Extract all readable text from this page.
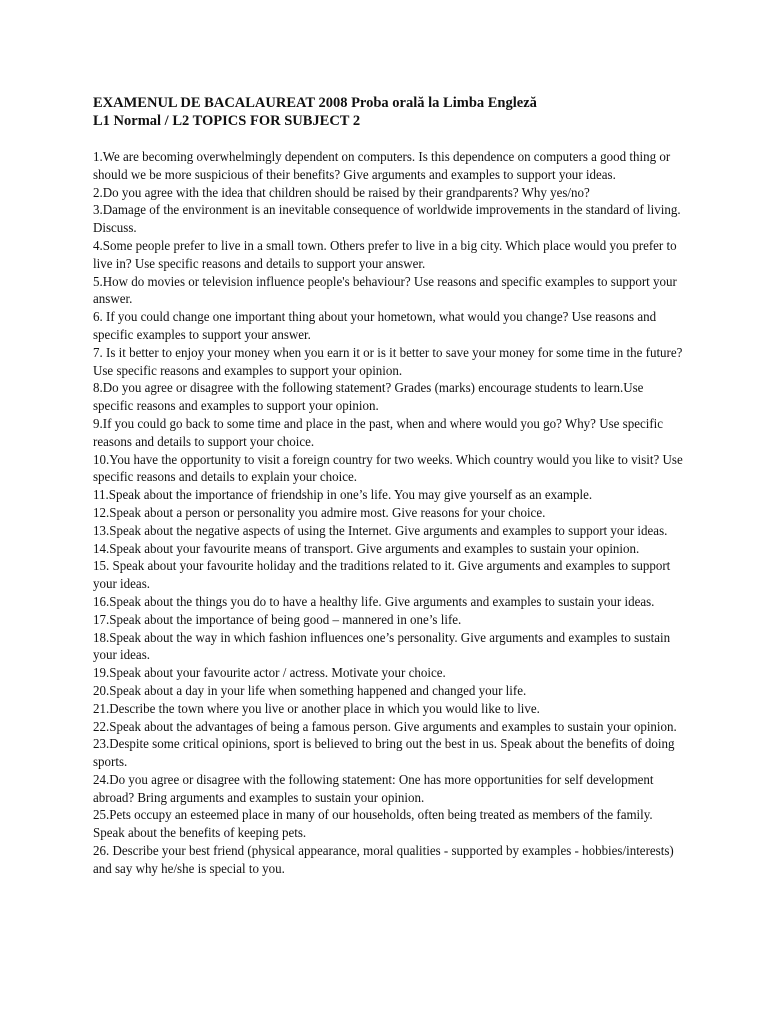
EXAMENUL DE BACALAUREAT 2008 Proba orală la Limba Engleză

L1 Normal / L2 TOPICS FOR SUBJECT 2

1.We are becoming overwhelmingly dependent on computers. Is this dependence on computers a good thing or should we be more suspicious of their benefits? Give arguments and examples to support your ideas.

2.Do you agree with the idea that children should be raised by their grandparents? Why yes/no?

3.Damage of the environment is an inevitable consequence of worldwide improvements in the standard of living. Discuss.

4.Some people prefer to live in a small town. Others prefer to live in a big city. Which place would you prefer to live in? Use specific reasons and details to support your answer.

5.How do movies or television influence people's behaviour? Use reasons and specific examples to support your answer.

6. If you could change one important thing about your hometown, what would you change? Use reasons and specific examples to support your answer.

7. Is it better to enjoy your money when you earn it or is it better to save your money for some time in the future? Use specific reasons and examples to support your opinion.

8.Do you agree or disagree with the following statement? Grades (marks) encourage students to learn.Use specific reasons and examples to support your opinion.

9.If you could go back to some time and place in the past, when and where would you go? Why? Use specific reasons and details to support your choice.

10.You have the opportunity to visit a foreign country for two weeks. Which country would you like to visit? Use specific reasons and details to explain your choice.

11.Speak about the importance of friendship in one’s life. You may give yourself as an example.

12.Speak about a person or personality you admire most. Give reasons for your choice.

13.Speak about the negative aspects of using the Internet. Give arguments and examples to support your ideas.

14.Speak about your favourite means of transport. Give arguments and examples to sustain your opinion.

15. Speak about your favourite holiday and the traditions related to it. Give arguments and examples to support your ideas.

16.Speak about the things you do to have a healthy life. Give arguments and examples to sustain your ideas.

17.Speak about the importance of being good – mannered in one’s life.

18.Speak about the way in which fashion influences one’s personality. Give arguments and examples to sustain your ideas.

19.Speak about your favourite actor / actress. Motivate your choice.

20.Speak about a day in your life when something happened and changed your life.

21.Describe the town where you live or another place in which you would like to live.

22.Speak about the advantages of being a famous person. Give arguments and examples to sustain your opinion.

23.Despite some critical opinions, sport is believed to bring out the best in us. Speak about the benefits of doing sports.

24.Do you agree or disagree with the following statement: One has more opportunities for self development abroad? Bring arguments and examples to sustain your opinion.

25.Pets occupy an esteemed place in many of our households, often being treated as members of the family. Speak about the benefits of keeping pets.

26. Describe your best friend (physical appearance, moral qualities - supported by examples - hobbies/interests) and say why he/she is special to you.
